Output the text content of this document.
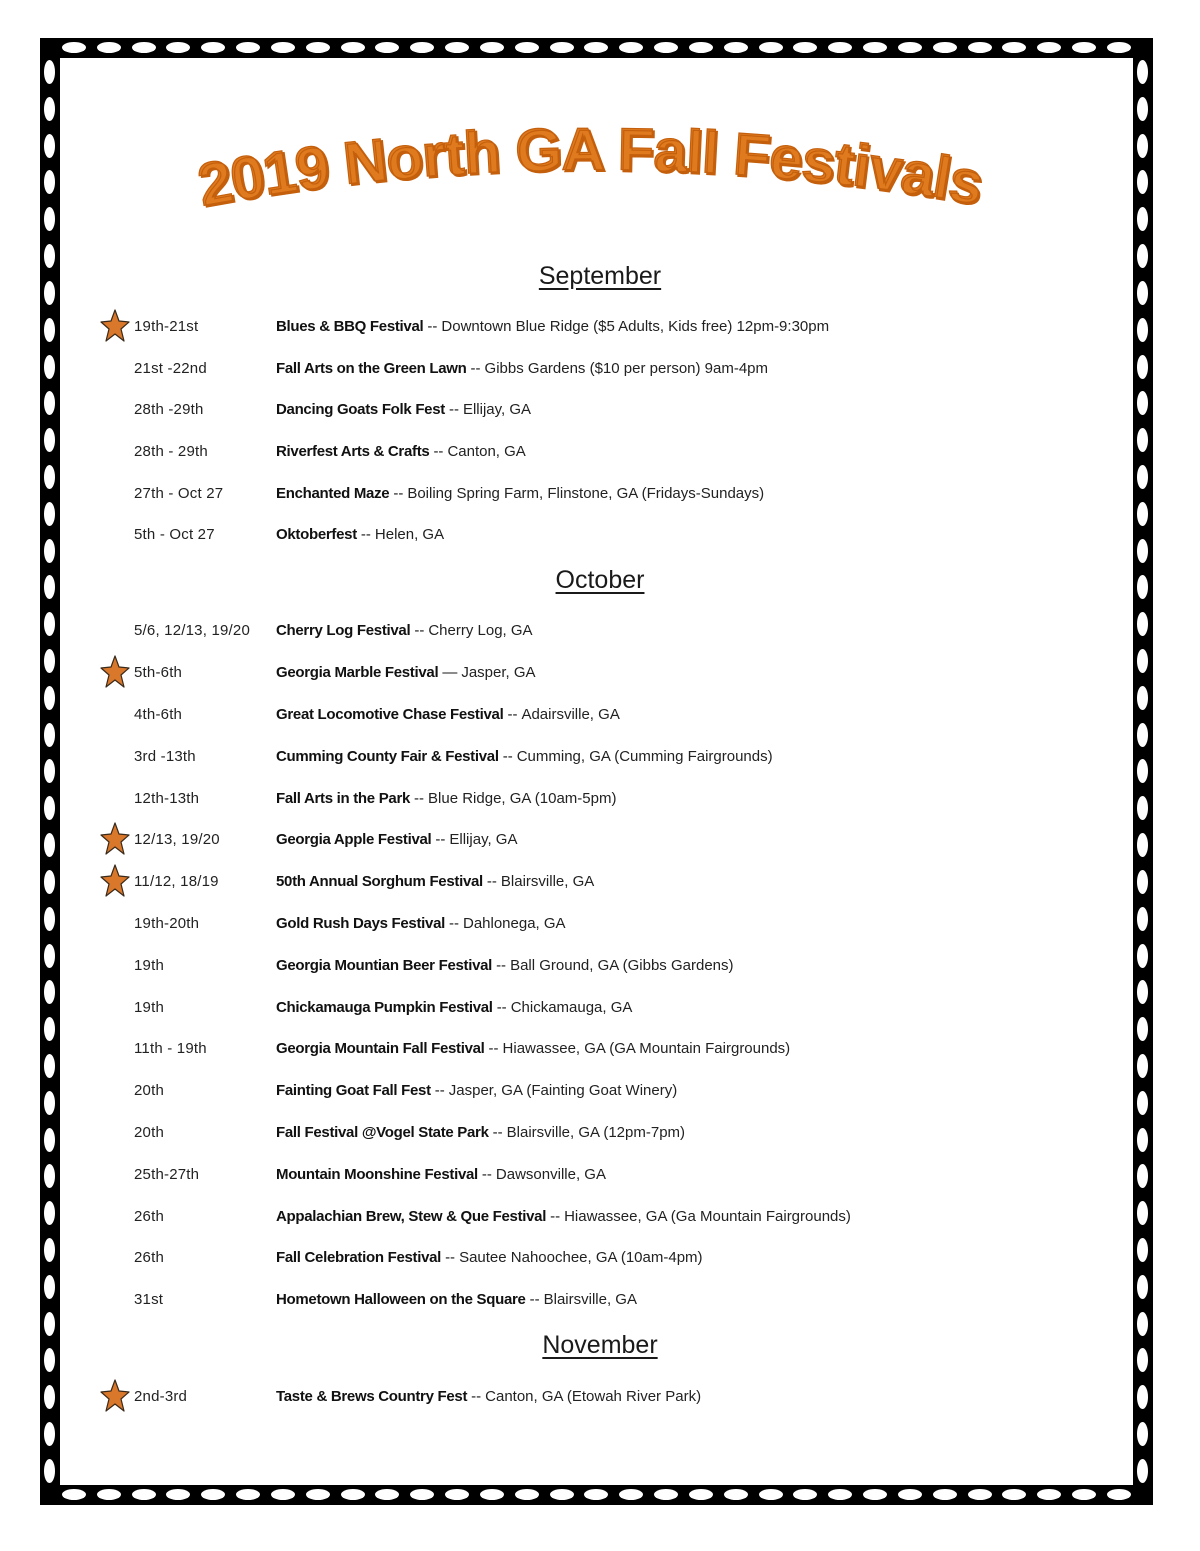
2019 North GA Fall Festivals
September
19th-21st	Blues & BBQ Festival -- Downtown Blue Ridge ($5 Adults, Kids free) 12pm-9:30pm
21st -22nd	Fall Arts on the Green Lawn -- Gibbs Gardens ($10 per person) 9am-4pm
28th -29th	Dancing Goats Folk Fest -- Ellijay, GA
28th - 29th	Riverfest Arts & Crafts -- Canton, GA
27th - Oct 27	Enchanted Maze -- Boiling Spring Farm, Flinstone, GA (Fridays-Sundays)
5th - Oct 27	Oktoberfest -- Helen, GA
October
5/6, 12/13, 19/20 Cherry Log Festival -- Cherry Log, GA
5th-6th	Georgia Marble Festival — Jasper, GA
4th-6th	Great Locomotive Chase Festival -- Adairsville, GA
3rd -13th	Cumming County Fair & Festival -- Cumming, GA (Cumming Fairgrounds)
12th-13th	Fall Arts in the Park -- Blue Ridge, GA (10am-5pm)
12/13, 19/20	Georgia Apple Festival -- Ellijay, GA
11/12, 18/19	50th Annual Sorghum Festival -- Blairsville, GA
19th-20th	Gold Rush Days Festival -- Dahlonega, GA
19th	Georgia Mountian Beer Festival -- Ball Ground, GA (Gibbs Gardens)
19th	Chickamauga Pumpkin Festival -- Chickamauga, GA
11th - 19th	Georgia Mountain Fall Festival -- Hiawassee, GA (GA Mountain Fairgrounds)
20th	Fainting Goat Fall Fest -- Jasper, GA (Fainting Goat Winery)
20th	Fall Festival @Vogel State Park -- Blairsville, GA (12pm-7pm)
25th-27th	Mountain Moonshine Festival -- Dawsonville, GA
26th	Appalachian Brew, Stew & Que Festival -- Hiawassee, GA (Ga Mountain Fairgrounds)
26th	Fall Celebration Festival -- Sautee Nahoochee, GA (10am-4pm)
31st	Hometown Halloween on the Square -- Blairsville, GA
November
2nd-3rd	Taste & Brews Country Fest -- Canton, GA (Etowah River Park)
